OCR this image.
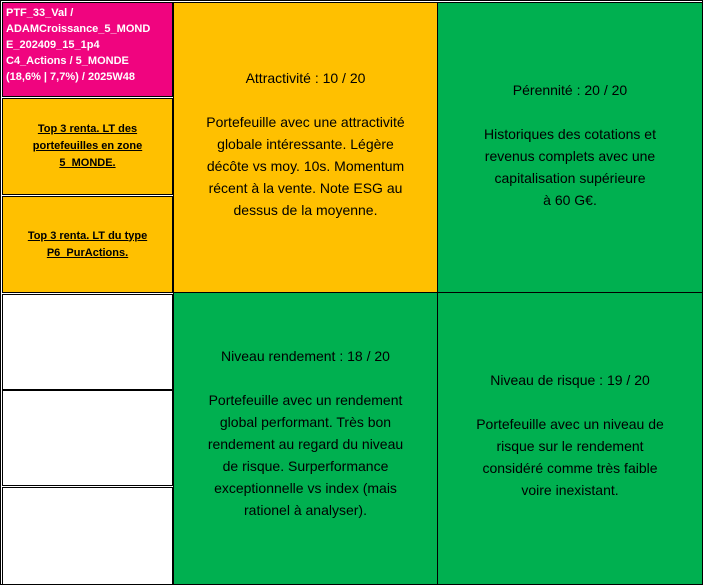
PTF_33_Val /
ADAMCroissance_5_MOND
E_202409_15_1p4
C4_Actions / 5_MONDE
(18,6% | 7,7%) / 2025W48
Top 3 renta. LT des
portefeuilles en zone
5_MONDE.
Top 3 renta. LT du type
P6_PurActions.
Attractivité : 10 / 20
Portefeuille avec une attractivité
globale intéressante. Légère
décôte vs moy. 10s. Momentum
récent à la vente. Note ESG au
dessus de la moyenne.
Pérennité : 20 / 20
Historiques des cotations et
revenus complets avec une
capitalisation supérieure
à 60 G€.
Niveau rendement : 18 / 20
Portefeuille avec un rendement
global performant. Très bon
rendement au regard du niveau
de risque. Surperformance
exceptionnelle vs index (mais
rationel à analyser).
Niveau de risque : 19 / 20
Portefeuille avec un niveau de
risque sur le rendement
considéré comme très faible
voire inexistant.
